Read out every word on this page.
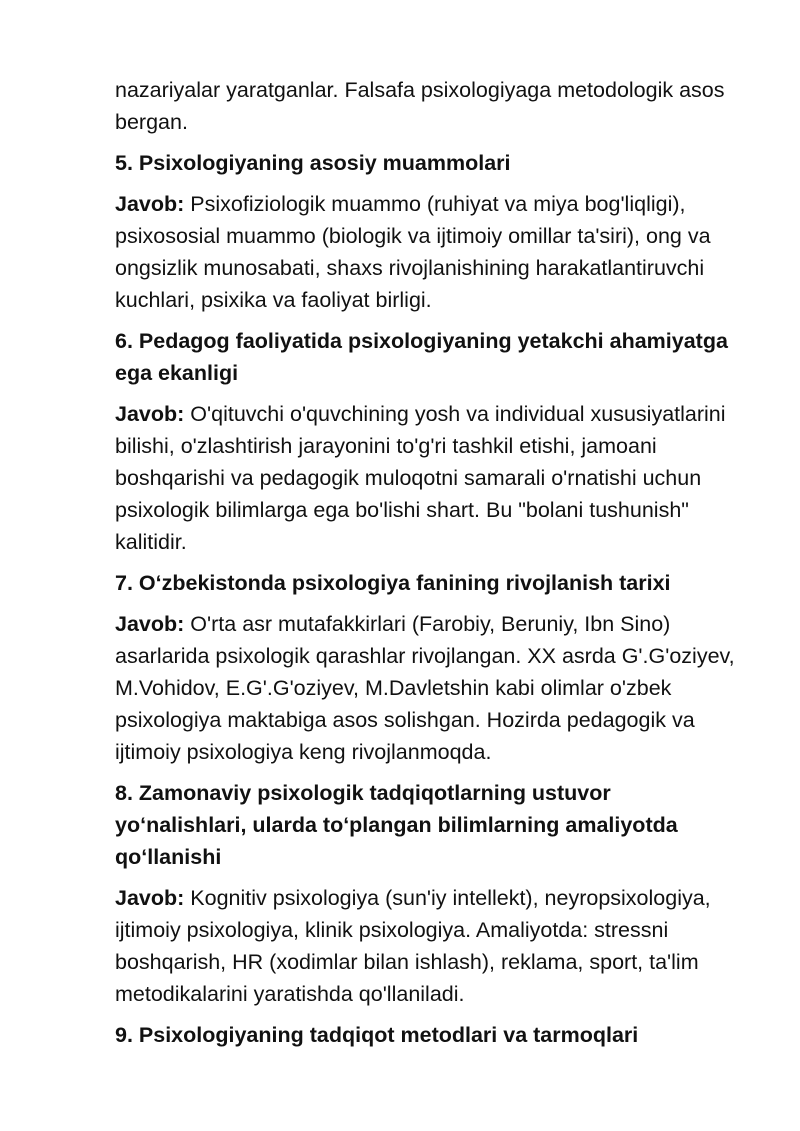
nazariyalar yaratganlar. Falsafa psixologiyaga metodologik asos bergan.

5. Psixologiyaning asosiy muammolari

Javob: Psixofiziologik muammo (ruhiyat va miya bog'liqligi), psixososial muammo (biologik va ijtimoiy omillar ta'siri), ong va ongsizlik munosabati, shaxs rivojlanishining harakatlantiruvchi kuchlari, psixika va faoliyat birligi.

6. Pedagog faoliyatida psixologiyaning yetakchi ahamiyatga ega ekanligi

Javob: O'qituvchi o'quvchining yosh va individual xususiyatlarini bilishi, o'zlashtirish jarayonini to'g'ri tashkil etishi, jamoani boshqarishi va pedagogik muloqotni samarali o'rnatishi uchun psixologik bilimlarga ega bo'lishi shart. Bu "bolani tushunish" kalitidir.

7. O‘zbekistonda psixologiya fanining rivojlanish tarixi

Javob: O'rta asr mutafakkirlari (Farobiy, Beruniy, Ibn Sino) asarlarida psixologik qarashlar rivojlangan. XX asrda G'.G'oziyev, M.Vohidov, E.G'.G'oziyev, M.Davletshin kabi olimlar o'zbek psixologiya maktabiga asos solishgan. Hozirda pedagogik va ijtimoiy psixologiya keng rivojlanmoqda.

8. Zamonaviy psixologik tadqiqotlarning ustuvor yo‘nalishlari, ularda to‘plangan bilimlarning amaliyotda qo‘llanishi

Javob: Kognitiv psixologiya (sun'iy intellekt), neyropsixologiya, ijtimoiy psixologiya, klinik psixologiya. Amaliyotda: stressni boshqarish, HR (xodimlar bilan ishlash), reklama, sport, ta'lim metodikalarini yaratishda qo'llaniladi.

9. Psixologiyaning tadqiqot metodlari va tarmoqlari
